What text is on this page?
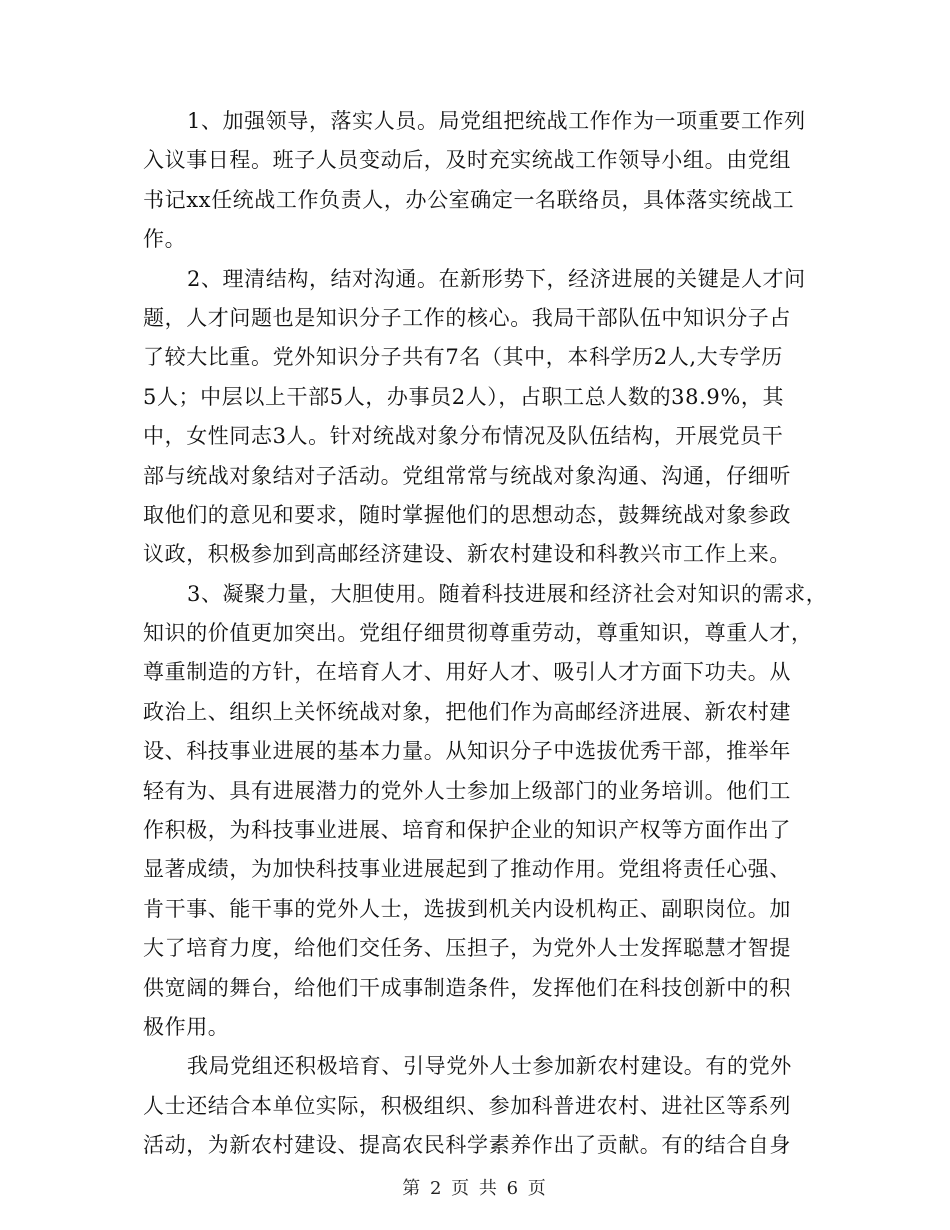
1、加强领导，落实人员。局党组把统战工作作为一项重要工作列
入议事日程。班子人员变动后，及时充实统战工作领导小组。由党组
书记xx任统战工作负责人，办公室确定一名联络员，具体落实统战工
作。
2、理清结构，结对沟通。在新形势下，经济进展的关键是人才问
题，人才问题也是知识分子工作的核心。我局干部队伍中知识分子占
了较大比重。党外知识分子共有7名（其中，本科学历2人,大专学历
5人；中层以上干部5人，办事员2人），占职工总人数的38.9%，其
中，女性同志3人。针对统战对象分布情况及队伍结构，开展党员干
部与统战对象结对子活动。党组常常与统战对象沟通、沟通，仔细听
取他们的意见和要求，随时掌握他们的思想动态，鼓舞统战对象参政
议政，积极参加到高邮经济建设、新农村建设和科教兴市工作上来。
3、凝聚力量，大胆使用。随着科技进展和经济社会对知识的需求，
知识的价值更加突出。党组仔细贯彻尊重劳动，尊重知识，尊重人才，
尊重制造的方针，在培育人才、用好人才、吸引人才方面下功夫。从
政治上、组织上关怀统战对象，把他们作为高邮经济进展、新农村建
设、科技事业进展的基本力量。从知识分子中选拔优秀干部，推举年
轻有为、具有进展潜力的党外人士参加上级部门的业务培训。他们工
作积极，为科技事业进展、培育和保护企业的知识产权等方面作出了
显著成绩，为加快科技事业进展起到了推动作用。党组将责任心强、
肯干事、能干事的党外人士，选拔到机关内设机构正、副职岗位。加
大了培育力度，给他们交任务、压担子，为党外人士发挥聪慧才智提
供宽阔的舞台，给他们干成事制造条件，发挥他们在科技创新中的积
极作用。
我局党组还积极培育、引导党外人士参加新农村建设。有的党外
人士还结合本单位实际，积极组织、参加科普进农村、进社区等系列
活动，为新农村建设、提高农民科学素养作出了贡献。有的结合自身
第 2 页 共 6 页
